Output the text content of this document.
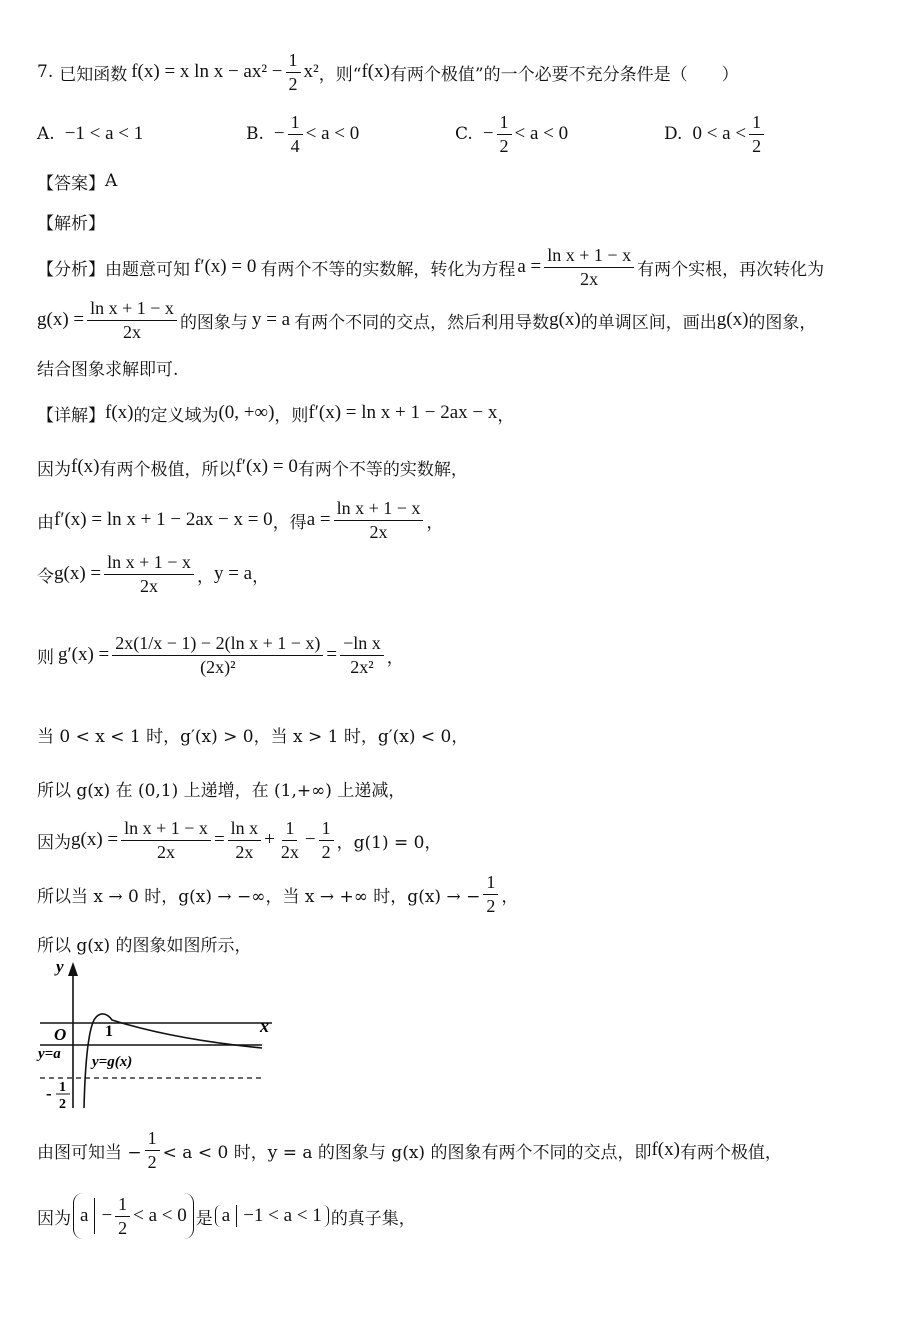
7. 已知函数 f(x) = x $\ln x - ax^2 - \frac{1}{2} x^2$ ，则“ f(x) 有两个极值”的一个必要不充分条件是（　　）
A. −1 < a < 1	B. − $\frac{1}{4} < a < 0$	C. − $\frac{1}{2} < a < 0$	D. $0 < a < \frac{1}{2}$
【答案】 A
【解析】
【分析】 由题意可知 f′(x) = 0 有两个不等的实数解，转化为方程 $a = \frac{\text{ln x + 1 − x}}{2x}$ 有两个实根，再次转化为
$g(x) = \frac{\text{ln x + 1 − x}}{2x}$ 的图象与 y = a 有两个不同的交点，然后利用导数 g(x) 的单调区间，画出 g(x) 的图象，
结合图象求解即可.
【详解】 f(x) 的定义域为 (0, +∞) ，则 f′(x) = ln x + 1 − 2ax − x ，
因为 f(x) 有两个极值，所以 f′(x) = 0 有两个不等的实数解，
由 f′(x) = ln x + 1 − 2ax − x = 0 ，得 $a = \frac{\text{ln x + 1 − x}}{2x}$ ，
令 $g(x) = \frac{\text{ln x + 1 − x}}{2x}$ ， y = a ，
则 $g'(x) = \frac{\text{2x(1/x − 1) − 2(ln x + 1 − x)}}{\text{(2x)²}} = \frac{\text{−ln x}}{\text{2x²}}$ ，
当 0 < x < 1 时，g′(x) > 0，当 x > 1 时，g′(x) < 0，
所以 g(x) 在 (0,1) 上递增，在 (1,+∞) 上递减，
因为 $g(x) = \frac{\text{ln x + 1 − x}}{2x} = \frac{\text{ln x}}{2x} + \frac{1}{2x} - \frac{1}{2}$ ，g(1) = 0，
所以当 x → 0 时，g(x) → −∞，当 x → +∞ 时，g(x) → − $\frac{1}{2}$ ，
所以 g(x) 的图象如图所示，
y
x
O 1
y=a
- 1
2
y=g(x)
由图可知当 − $\frac{1}{2} < a < 0$ 时，y = a 的图象与 g(x) 的图象有两个不同的交点，即 f(x) 有两个极值，
因为 $a - \frac{1}{2} < a < 0$ 是 a −1 < a < 1 的真子集，
